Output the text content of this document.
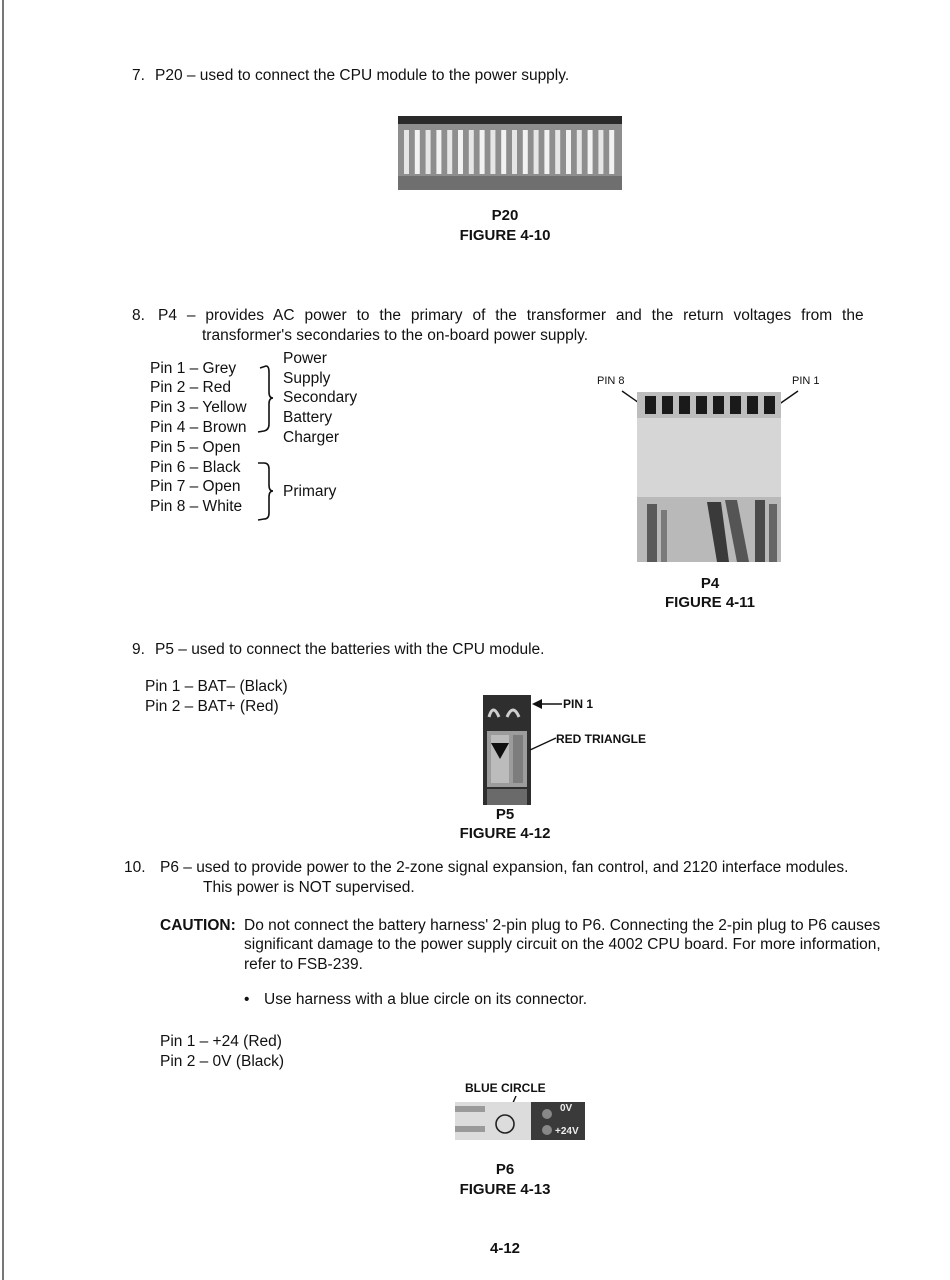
7. P20 – used to connect the CPU module to the power supply.
P20
FIGURE 4-10
8. P4 – provides AC power to the primary of the transformer and the return voltages from the
transformer's secondaries to the on-board power supply.
Pin 1 – Grey
Pin 2 – Red
Pin 3 – Yellow
Pin 4 – Brown
Pin 5 – Open
Pin 6 – Black
Pin 7 – Open
Pin 8 – White
Power
Supply
Secondary
Battery
Charger
Primary
PIN 8	PIN 1
P4
FIGURE 4-11
9. P5 – used to connect the batteries with the CPU module.
Pin 1 – BAT– (Black)
Pin 2 – BAT+ (Red)	PIN 1
RED TRIANGLE
P5
FIGURE 4-12
10. P6 – used to provide power to the 2-zone signal expansion, fan control, and 2120 interface modules.
This power is NOT supervised.
CAUTION: Do not connect the battery harness' 2-pin plug to P6. Connecting the 2-pin plug to P6 causes
significant damage to the power supply circuit on the 4002 CPU board. For more information,
refer to FSB-239.
• Use harness with a blue circle on its connector.
Pin 1 – +24 (Red)
Pin 2 – 0V (Black)
BLUE CIRCLE
0V
+24V
P6
FIGURE 4-13
4-12
